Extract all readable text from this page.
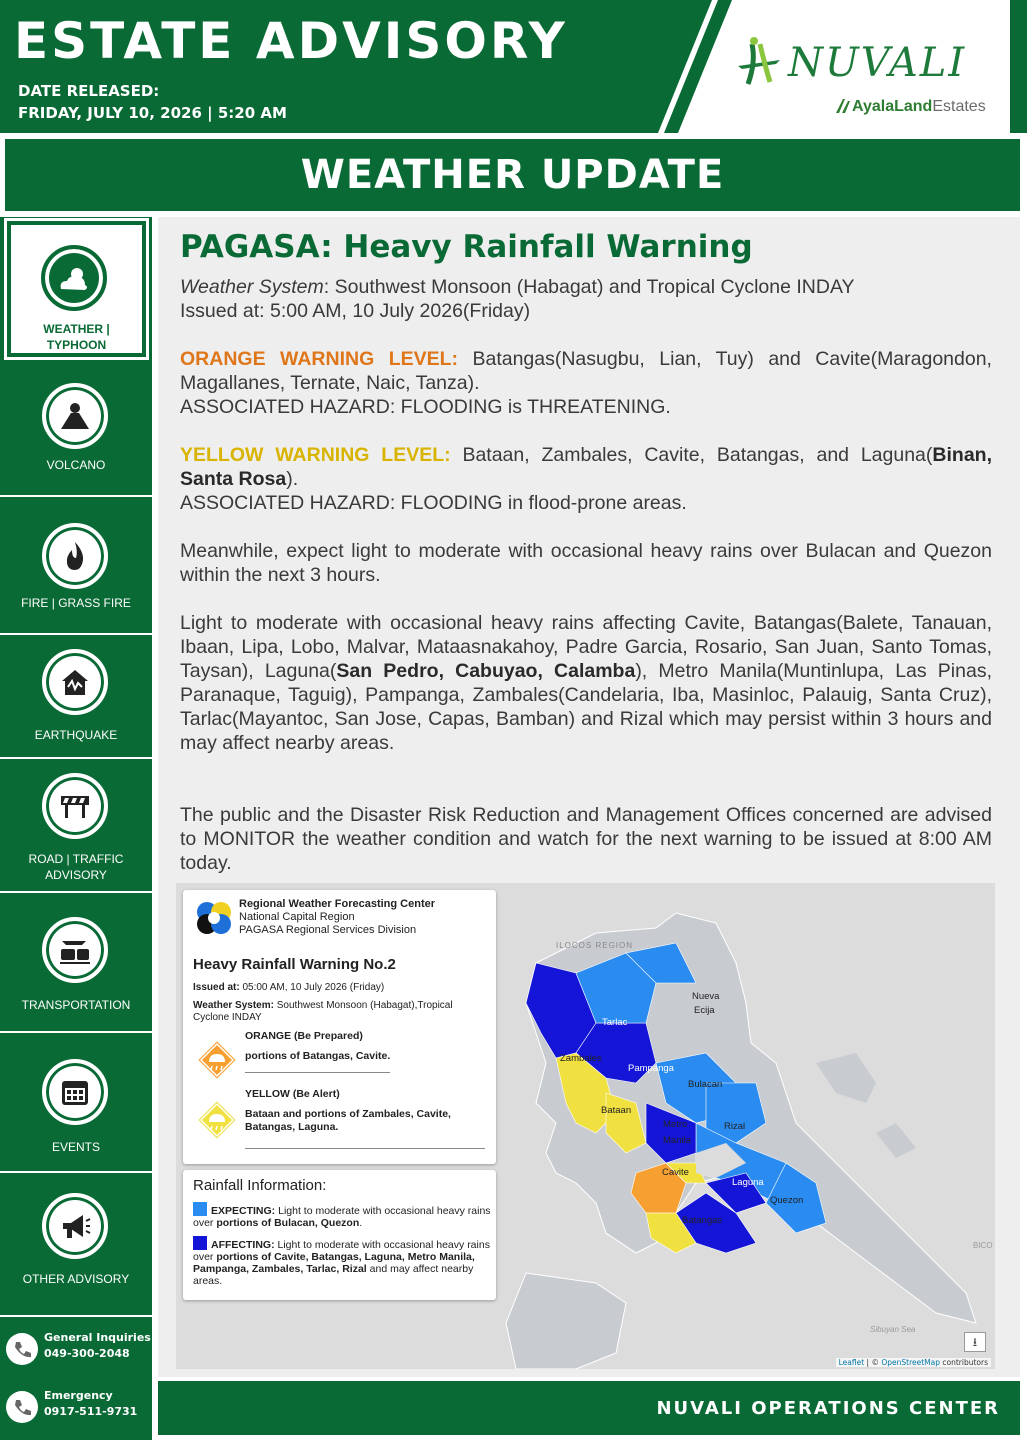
ESTATE ADVISORY
DATE RELEASED:
FRIDAY, JULY 10, 2026 | 5:20 AM
NUVALI
AyalaLandEstates
WEATHER UPDATE
WEATHER | TYPHOON
VOLCANO
FIRE | GRASS FIRE
EARTHQUAKE
ROAD | TRAFFIC ADVISORY
TRANSPORTATION
EVENTS
OTHER ADVISORY
General Inquiries
049-300-2048
Emergency
0917-511-9731
PAGASA: Heavy Rainfall Warning
Weather System: Southwest Monsoon (Habagat) and Tropical Cyclone INDAY
Issued at: 5:00 AM, 10 July 2026(Friday)
ORANGE WARNING LEVEL: Batangas(Nasugbu, Lian, Tuy) and Cavite(Maragondon, Magallanes, Ternate, Naic, Tanza).
ASSOCIATED HAZARD: FLOODING is THREATENING.
YELLOW WARNING LEVEL: Bataan, Zambales, Cavite, Batangas, and Laguna(Binan, Santa Rosa).
ASSOCIATED HAZARD: FLOODING in flood-prone areas.
Meanwhile, expect light to moderate with occasional heavy rains over Bulacan and Quezon within the next 3 hours.
Light to moderate with occasional heavy rains affecting Cavite, Batangas(Balete, Tanauan, Ibaan, Lipa, Lobo, Malvar, Mataasnakahoy, Padre Garcia, Rosario, San Juan, Santo Tomas, Taysan), Laguna(San Pedro, Cabuyao, Calamba), Metro Manila(Muntinlupa, Las Pinas, Paranaque, Taguig), Pampanga, Zambales(Candelaria, Iba, Masinloc, Palauig, Santa Cruz), Tarlac(Mayantoc, San Jose, Capas, Bamban) and Rizal which may persist within 3 hours and may affect nearby areas.
The public and the Disaster Risk Reduction and Management Offices concerned are advised to MONITOR the weather condition and watch for the next warning to be issued at 8:00 AM today.
ILOCOS REGION
Nueva
Ecija
Tarlac
Zambales
Pampanga
Bulacan
Bataan
Metro
Manila
Rizal
Cavite
Laguna
Quezon
Batangas
BICO
Sibuyan Sea
Regional Weather Forecasting Center
National Capital Region
PAGASA Regional Services Division
Heavy Rainfall Warning No.2
Issued at: 05:00 AM, 10 July 2026 (Friday)
Weather System: Southwest Monsoon (Habagat),Tropical Cyclone INDAY
ORANGE (Be Prepared)
portions of Batangas, Cavite.
YELLOW (Be Alert)
Bataan and portions of Zambales, Cavite, Batangas, Laguna.
Rainfall Information:
EXPECTING: Light to moderate with occasional heavy rains over portions of Bulacan, Quezon.
AFFECTING: Light to moderate with occasional heavy rains over portions of Cavite, Batangas, Laguna, Metro Manila, Pampanga, Zambales, Tarlac, Rizal and may affect nearby areas.
⭳
Leaflet | © OpenStreetMap contributors
NUVALI OPERATIONS CENTER
